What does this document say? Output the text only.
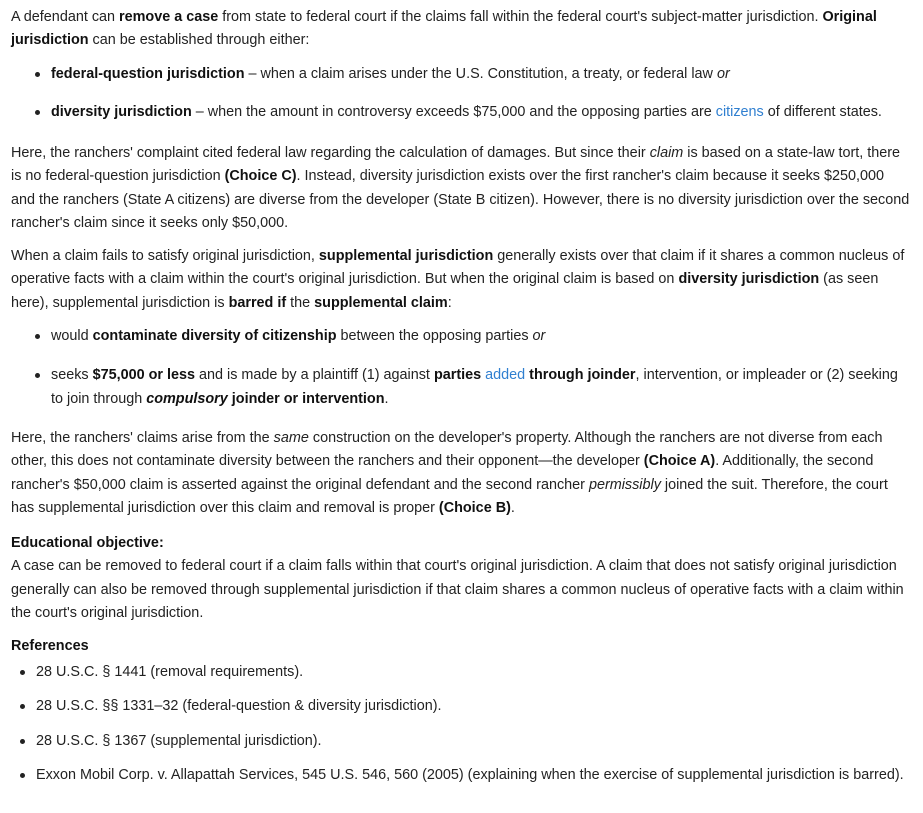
A defendant can remove a case from state to federal court if the claims fall within the federal court's subject-matter jurisdiction. Original jurisdiction can be established through either:

federal-question jurisdiction – when a claim arises under the U.S. Constitution, a treaty, or federal law or
diversity jurisdiction – when the amount in controversy exceeds $75,000 and the opposing parties are citizens of different states.

Here, the ranchers' complaint cited federal law regarding the calculation of damages. But since their claim is based on a state-law tort, there is no federal-question jurisdiction (Choice C). Instead, diversity jurisdiction exists over the first rancher's claim because it seeks $250,000 and the ranchers (State A citizens) are diverse from the developer (State B citizen). However, there is no diversity jurisdiction over the second rancher's claim since it seeks only $50,000.

When a claim fails to satisfy original jurisdiction, supplemental jurisdiction generally exists over that claim if it shares a common nucleus of operative facts with a claim within the court's original jurisdiction. But when the original claim is based on diversity jurisdiction (as seen here), supplemental jurisdiction is barred if the supplemental claim:

would contaminate diversity of citizenship between the opposing parties or
seeks $75,000 or less and is made by a plaintiff (1) against parties added through joinder, intervention, or impleader or (2) seeking to join through compulsory joinder or intervention.

Here, the ranchers' claims arise from the same construction on the developer's property. Although the ranchers are not diverse from each other, this does not contaminate diversity between the ranchers and their opponent—the developer (Choice A). Additionally, the second rancher's $50,000 claim is asserted against the original defendant and the second rancher permissibly joined the suit. Therefore, the court has supplemental jurisdiction over this claim and removal is proper (Choice B).

Educational objective:
A case can be removed to federal court if a claim falls within that court's original jurisdiction. A claim that does not satisfy original jurisdiction generally can also be removed through supplemental jurisdiction if that claim shares a common nucleus of operative facts with a claim within the court's original jurisdiction.
References
28 U.S.C. § 1441 (removal requirements).
28 U.S.C. §§ 1331–32 (federal-question & diversity jurisdiction).
28 U.S.C. § 1367 (supplemental jurisdiction).
Exxon Mobil Corp. v. Allapattah Services, 545 U.S. 546, 560 (2005) (explaining when the exercise of supplemental jurisdiction is barred).
